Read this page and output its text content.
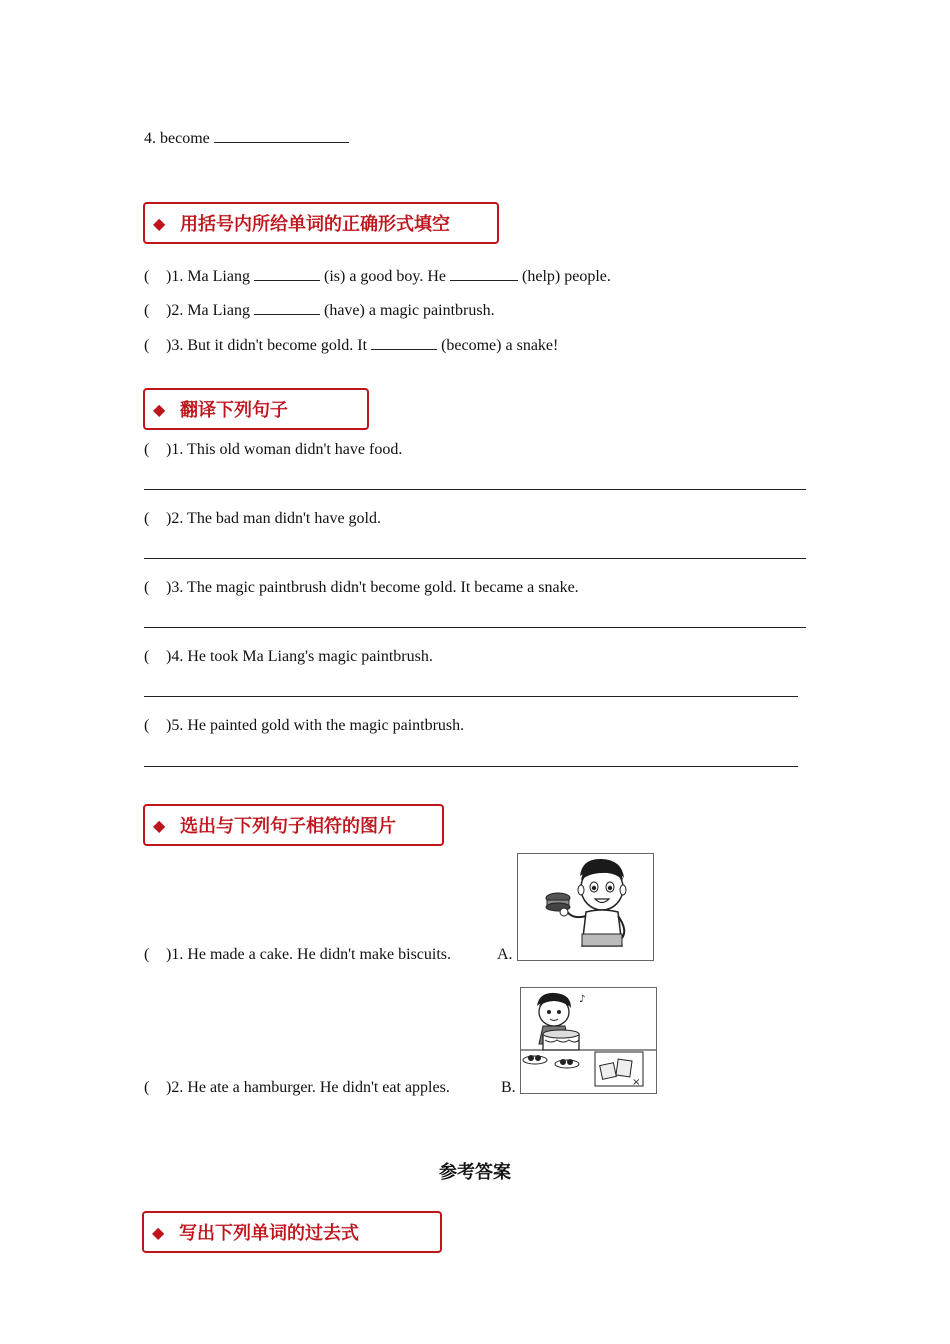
4. become
◆ 用括号内所给单词的正确形式填空
( )1. Ma Liang	(is) a good boy. He	(help) people.
( )2. Ma Liang	(have) a magic paintbrush.
( )3. But it didn't become gold. It	(become) a snake!
◆ 翻译下列句子
( )1. This old woman didn't have food.
( )2. The bad man didn't have gold.
( )3. The magic paintbrush didn't become gold. It became a snake.
( )4. He took Ma Liang's magic paintbrush.
( )5. He painted gold with the magic paintbrush.
◆ 选出与下列句子相符的图片
( )1. He made a cake. He didn't make biscuits.	A.
( )2. He ate a hamburger. He didn't eat apples.	B.
♪
×
参考答案
◆ 写出下列单词的过去式
